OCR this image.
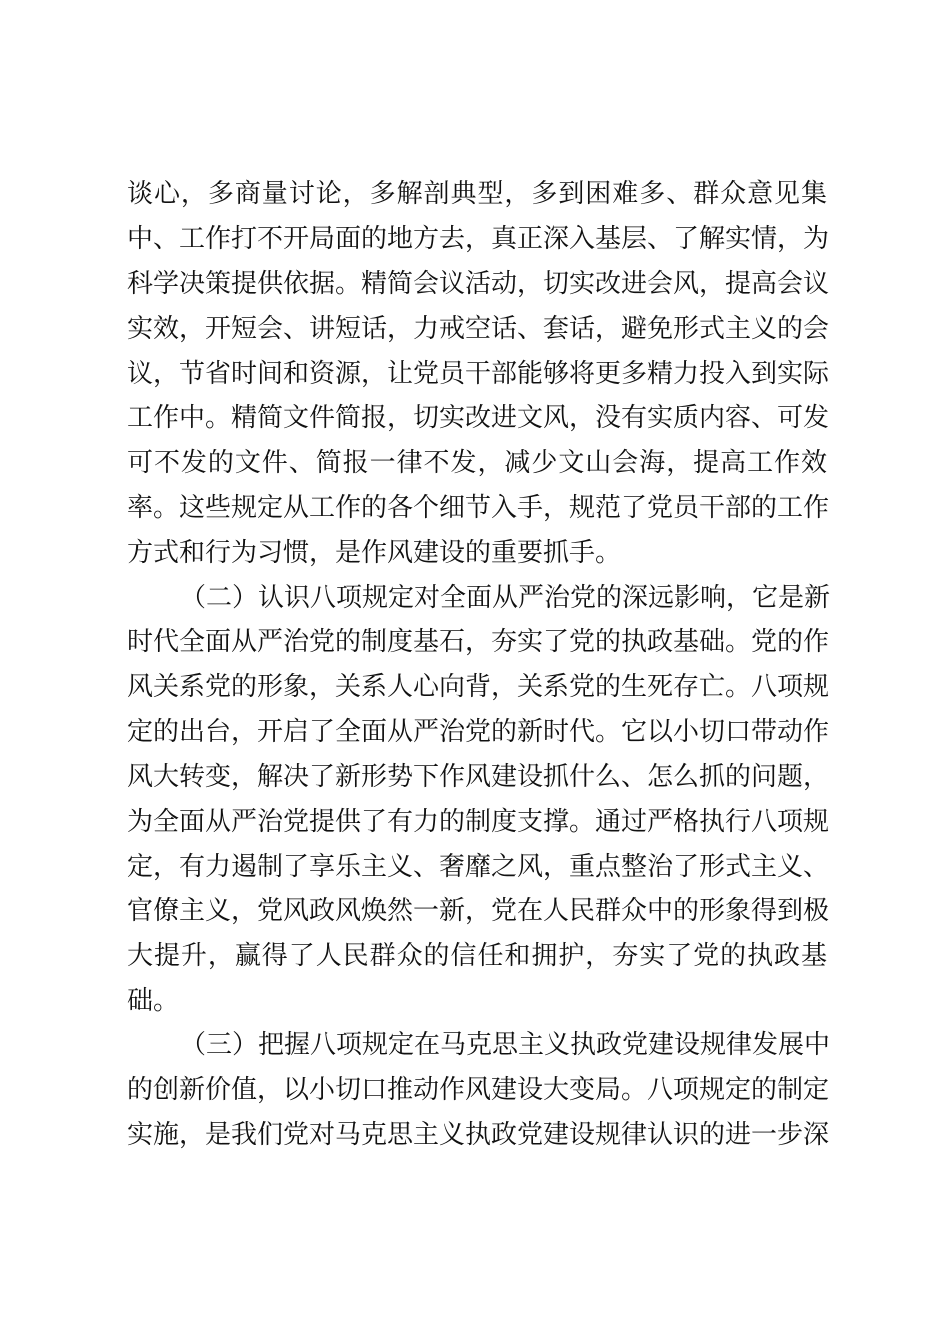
谈心，多商量讨论，多解剖典型，多到困难多、群众意见集
中、工作打不开局面的地方去，真正深入基层、了解实情，为
科学决策提供依据。精简会议活动，切实改进会风，提高会议
实效，开短会、讲短话，力戒空话、套话，避免形式主义的会
议，节省时间和资源，让党员干部能够将更多精力投入到实际
工作中。精简文件简报，切实改进文风，没有实质内容、可发
可不发的文件、简报一律不发，减少文山会海，提高工作效
率。这些规定从工作的各个细节入手，规范了党员干部的工作
方式和行为习惯，是作风建设的重要抓手。
（二）认识八项规定对全面从严治党的深远影响，它是新
时代全面从严治党的制度基石，夯实了党的执政基础。党的作
风关系党的形象，关系人心向背，关系党的生死存亡。八项规
定的出台，开启了全面从严治党的新时代。它以小切口带动作
风大转变，解决了新形势下作风建设抓什么、怎么抓的问题，
为全面从严治党提供了有力的制度支撑。通过严格执行八项规
定，有力遏制了享乐主义、奢靡之风，重点整治了形式主义、
官僚主义，党风政风焕然一新，党在人民群众中的形象得到极
大提升，赢得了人民群众的信任和拥护，夯实了党的执政基
础。
（三）把握八项规定在马克思主义执政党建设规律发展中
的创新价值，以小切口推动作风建设大变局。八项规定的制定
实施，是我们党对马克思主义执政党建设规律认识的进一步深
